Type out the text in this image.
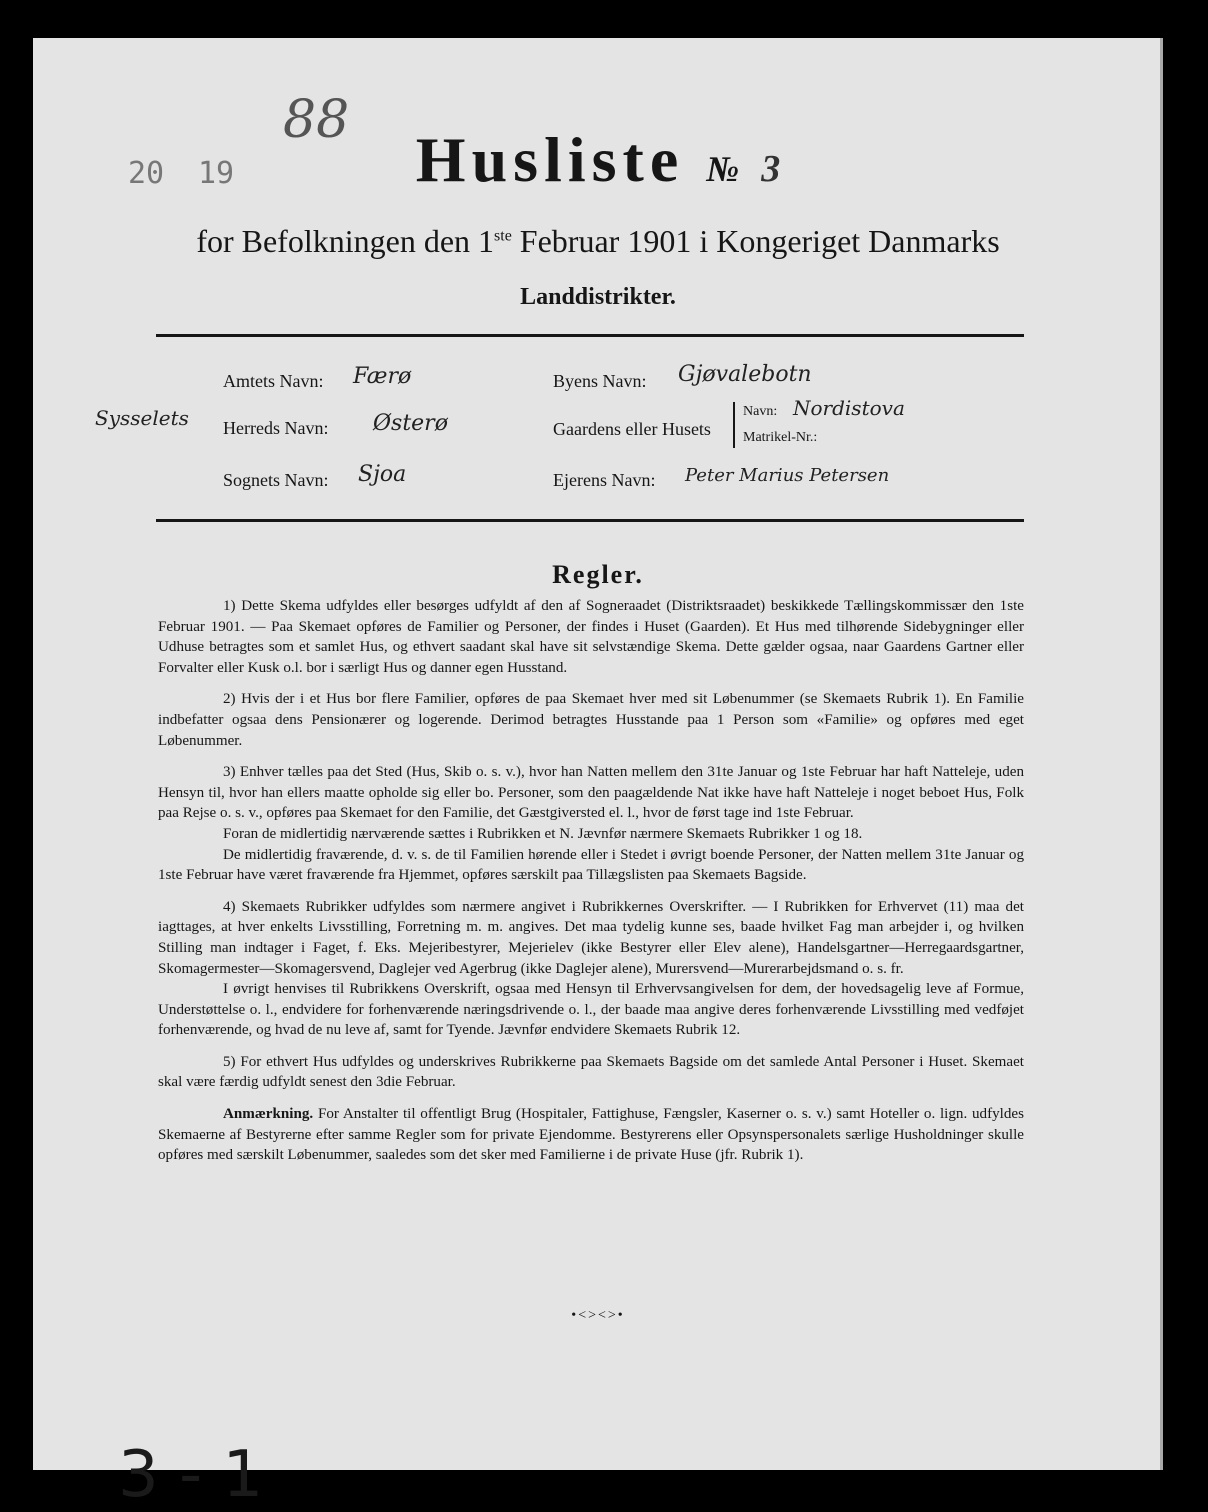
20 19
88
Husliste № 3
for Befolkningen den 1ste Februar 1901 i Kongeriget Danmarks
Landdistrikter.
Amtets Navn: Færø
Sysselets Herreds Navn: Østerø
Sognets Navn: Sjoa
Byens Navn: Gjøvalebotn
Gaardens eller Husets
Navn: Nordistova
Matrikel-Nr.:
Ejerens Navn: Peter Marius Petersen
Regler.

1) Dette Skema udfyldes eller besørges udfyldt af den af Sogneraadet (Distriktsraadet) beskikkede Tællingskommissær den 1ste Februar 1901. — Paa Skemaet opføres de Familier og Personer, der findes i Huset (Gaarden). Et Hus med tilhørende Sidebygninger eller Udhuse betragtes som et samlet Hus, og ethvert saadant skal have sit selvstændige Skema. Dette gælder ogsaa, naar Gaardens Gartner eller Forvalter eller Kusk o.l. bor i særligt Hus og danner egen Husstand.

2) Hvis der i et Hus bor flere Familier, opføres de paa Skemaet hver med sit Løbenummer (se Skemaets Rubrik 1). En Familie indbefatter ogsaa dens Pensionærer og logerende. Derimod betragtes Husstande paa 1 Person som «Familie» og opføres med eget Løbenummer.

3) Enhver tælles paa det Sted (Hus, Skib o. s. v.), hvor han Natten mellem den 31te Januar og 1ste Februar har haft Natteleje, uden Hensyn til, hvor han ellers maatte opholde sig eller bo. Personer, som den paagældende Nat ikke have haft Natteleje i noget beboet Hus, Folk paa Rejse o. s. v., opføres paa Skemaet for den Familie, det Gæstgiversted el. l., hvor de først tage ind 1ste Februar.

Foran de midlertidig nærværende sættes i Rubrikken et N. Jævnfør nærmere Skemaets Rubrikker 1 og 18.

De midlertidig fraværende, d. v. s. de til Familien hørende eller i Stedet i øvrigt boende Personer, der Natten mellem 31te Januar og 1ste Februar have været fraværende fra Hjemmet, opføres særskilt paa Tillægslisten paa Skemaets Bagside.

4) Skemaets Rubrikker udfyldes som nærmere angivet i Rubrikkernes Overskrifter. — I Rubrikken for Erhvervet (11) maa det iagttages, at hver enkelts Livsstilling, Forretning m. m. angives. Det maa tydelig kunne ses, baade hvilket Fag man arbejder i, og hvilken Stilling man indtager i Faget, f. Eks. Mejeribestyrer, Mejerielev (ikke Bestyrer eller Elev alene), Handelsgartner—Herregaardsgartner, Skomagermester—Skomagersvend, Daglejer ved Agerbrug (ikke Daglejer alene), Murersvend—Murerarbejdsmand o. s. fr.

I øvrigt henvises til Rubrikkens Overskrift, ogsaa med Hensyn til Erhvervsangivelsen for dem, der hovedsagelig leve af Formue, Understøttelse o. l., endvidere for forhenværende næringsdrivende o. l., der baade maa angive deres forhenværende Livsstilling med vedføjet forhenværende, og hvad de nu leve af, samt for Tyende. Jævnfør endvidere Skemaets Rubrik 12.

5) For ethvert Hus udfyldes og underskrives Rubrikkerne paa Skemaets Bagside om det samlede Antal Personer i Huset. Skemaet skal være færdig udfyldt senest den 3die Februar.

Anmærkning. For Anstalter til offentligt Brug (Hospitaler, Fattighuse, Fængsler, Kaserner o. s. v.) samt Hoteller o. lign. udfyldes Skemaerne af Bestyrerne efter samme Regler som for private Ejendomme. Bestyrerens eller Opsynspersonalets særlige Husholdninger skulle opføres med særskilt Løbenummer, saaledes som det sker med Familierne i de private Huse (jfr. Rubrik 1).

•<><>•
3 - 1
